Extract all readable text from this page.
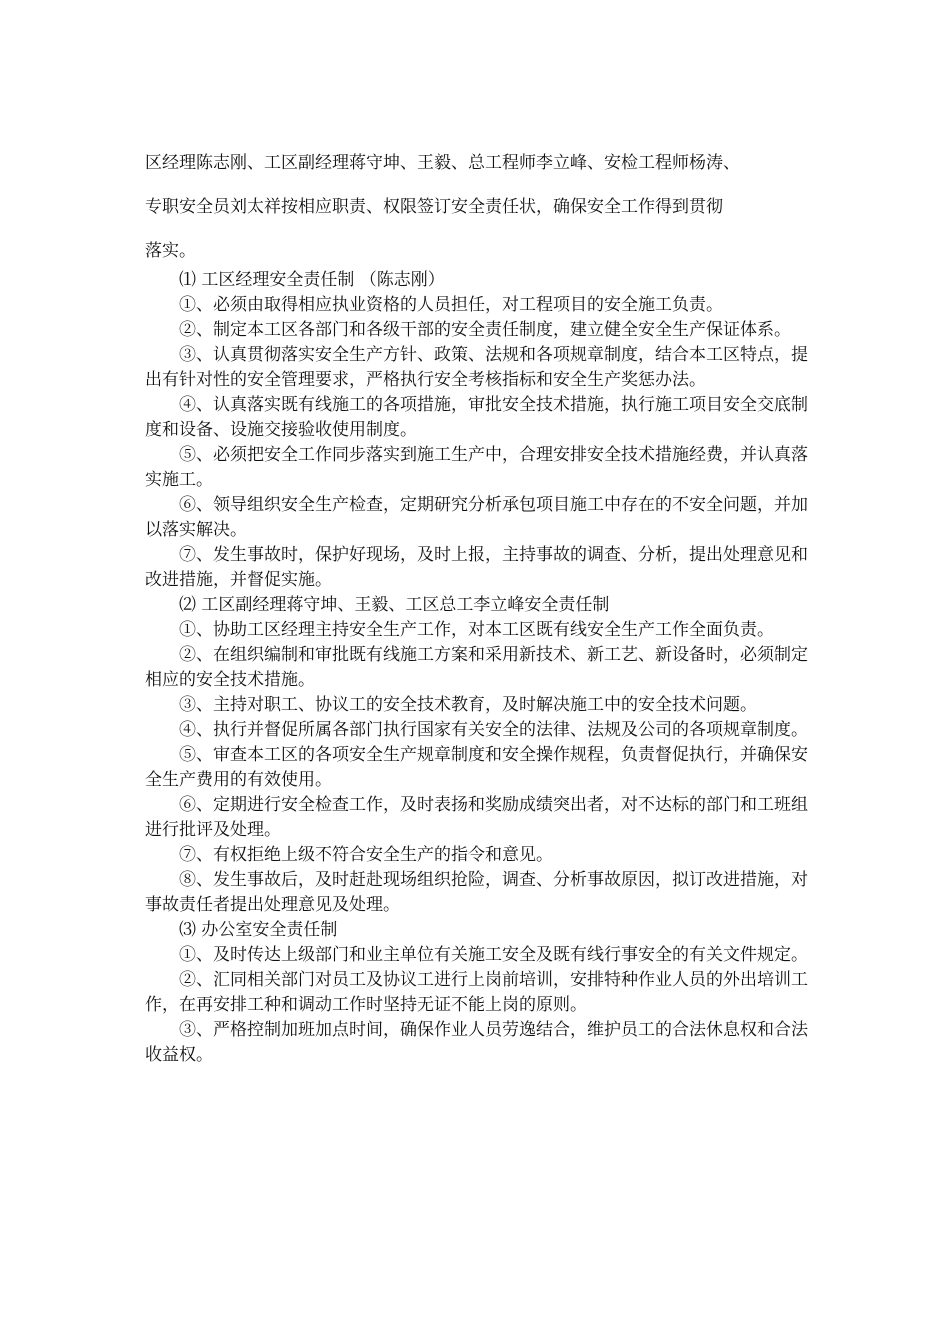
区经理陈志刚、工区副经理蒋守坤、王毅、总工程师李立峰、安检工程师杨涛、

专职安全员刘太祥按相应职责、权限签订安全责任状，确保安全工作得到贯彻

落实。

⑴ 工区经理安全责任制 （陈志刚）

①、必须由取得相应执业资格的人员担任，对工程项目的安全施工负责。

②、制定本工区各部门和各级干部的安全责任制度，建立健全安全生产保证体系。

③、认真贯彻落实安全生产方针、政策、法规和各项规章制度，结合本工区特点，提出有针对性的安全管理要求，严格执行安全考核指标和安全生产奖惩办法。

④、认真落实既有线施工的各项措施，审批安全技术措施，执行施工项目安全交底制度和设备、设施交接验收使用制度。

⑤、必须把安全工作同步落实到施工生产中，合理安排安全技术措施经费，并认真落实施工。

⑥、领导组织安全生产检查，定期研究分析承包项目施工中存在的不安全问题，并加以落实解决。

⑦、发生事故时，保护好现场，及时上报，主持事故的调查、分析，提出处理意见和改进措施，并督促实施。

⑵ 工区副经理蒋守坤、王毅、工区总工李立峰安全责任制

①、协助工区经理主持安全生产工作，对本工区既有线安全生产工作全面负责。

②、在组织编制和审批既有线施工方案和采用新技术、新工艺、新设备时，必须制定相应的安全技术措施。

③、主持对职工、协议工的安全技术教育，及时解决施工中的安全技术问题。

④、执行并督促所属各部门执行国家有关安全的法律、法规及公司的各项规章制度。

⑤、审查本工区的各项安全生产规章制度和安全操作规程，负责督促执行，并确保安全生产费用的有效使用。

⑥、定期进行安全检查工作，及时表扬和奖励成绩突出者，对不达标的部门和工班组进行批评及处理。

⑦、有权拒绝上级不符合安全生产的指令和意见。

⑧、发生事故后，及时赶赴现场组织抢险，调查、分析事故原因，拟订改进措施，对事故责任者提出处理意见及处理。

⑶ 办公室安全责任制

①、及时传达上级部门和业主单位有关施工安全及既有线行事安全的有关文件规定。

②、汇同相关部门对员工及协议工进行上岗前培训，安排特种作业人员的外出培训工作，在再安排工种和调动工作时坚持无证不能上岗的原则。

③、严格控制加班加点时间，确保作业人员劳逸结合，维护员工的合法休息权和合法收益权。
